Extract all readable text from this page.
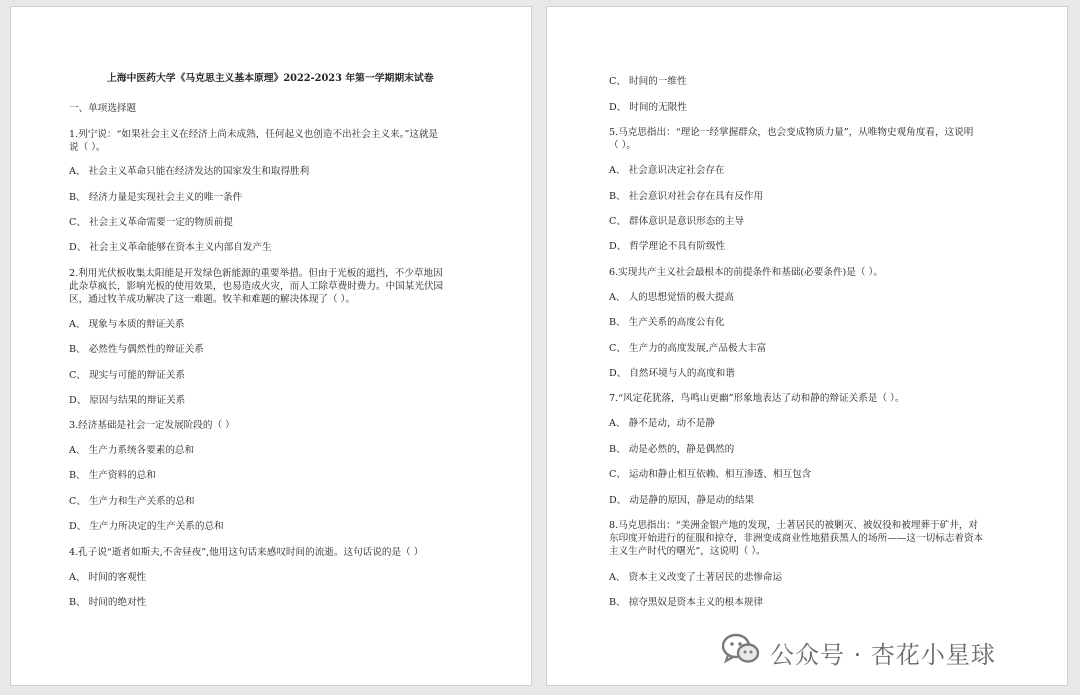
上海中医药大学《马克思主义基本原理》2022-2023 年第一学期期末试卷
一、单项选择题
1.列宁说：“如果社会主义在经济上尚未成熟，任何起义也创造不出社会主义来。”这就是
说（ ）。
A、 社会主义革命只能在经济发达的国家发生和取得胜利
B、 经济力量是实现社会主义的唯一条件
C、 社会主义革命需要一定的物质前提
D、 社会主义革命能够在资本主义内部自发产生
2.利用光伏板收集太阳能是开发绿色新能源的重要举措。但由于光板的遮挡，不少草地因
此杂草疯长，影响光板的使用效果，也易造成火灾，而人工除草费时费力。中国某光伏园
区，通过牧羊成功解决了这一难题。牧羊和难题的解决体现了（ ）。
A、 现象与本质的辩证关系
B、 必然性与偶然性的辩证关系
C、 现实与可能的辩证关系
D、 原因与结果的辩证关系
3.经济基础是社会一定发展阶段的（ ）
A、 生产力系统各要素的总和
B、 生产资料的总和
C、 生产力和生产关系的总和
D、 生产力所决定的生产关系的总和
4.孔子说“逝者如斯夫,不舍昼夜”,他用这句话来感叹时间的流逝。这句话说的是（ ）
A、 时间的客观性
B、 时间的绝对性
C、 时间的一维性
D、 时间的无限性
5.马克思指出：“理论一经掌握群众，也会变成物质力量”，从唯物史观角度看，这说明
（ ）。
A、 社会意识决定社会存在
B、 社会意识对社会存在具有反作用
C、 群体意识是意识形态的主导
D、 哲学理论不具有阶级性
6.实现共产主义社会最根本的前提条件和基础(必要条件)是（ ）。
A、 人的思想觉悟的极大提高
B、 生产关系的高度公有化
C、 生产力的高度发展,产品极大丰富
D、 自然环境与人的高度和谐
7.“风定花犹落，鸟鸣山更幽”形象地表达了动和静的辩证关系是（ ）。
A、 静不是动，动不是静
B、 动是必然的，静是偶然的
C、 运动和静止相互依赖、相互渗透、相互包含
D、 动是静的原因，静是动的结果
8.马克思指出：“美洲金银产地的发现，土著居民的被剿灭、被奴役和被埋葬于矿井，对
东印度开始进行的征服和掠夺，非洲变成商业性地猎获黑人的场所——这一切标志着资本
主义生产时代的曙光”，这说明（ ）。
A、 资本主义改变了土著居民的悲惨命运
B、 掠夺黑奴是资本主义的根本规律
公众号 · 杏花小星球
